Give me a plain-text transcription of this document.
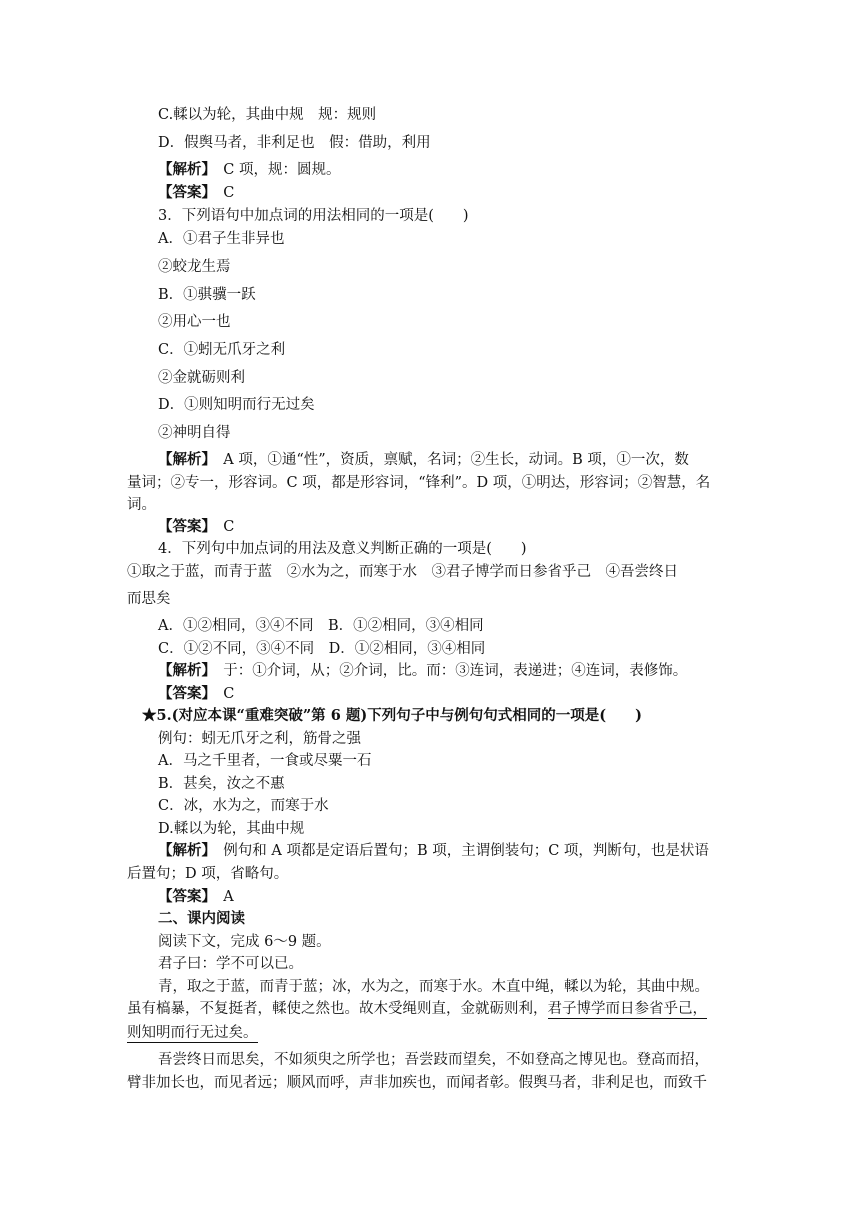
C.輮以为轮，其曲中规　规：规则
D．假舆马者，非利足也　假：借助，利用
【解析】　C 项，规：圆规。
【答案】　C
3．下列语句中加点词的用法相同的一项是(　　)
A．①君子生非异也
②蛟龙生焉
B．①骐骥一跃
②用心一也
C．①蚓无爪牙之利
②金就砺则利
D．①则知明而行无过矣
②神明自得
【解析】　A 项，①通“性”，资质，禀赋，名词；②生长，动词。B 项，①一次，数
量词；②专一，形容词。C 项，都是形容词，“锋利”。D 项，①明达，形容词；②智慧，名
词。
【答案】　C
4．下列句中加点词的用法及意义判断正确的一项是(　　)
①取之于蓝，而青于蓝　②水为之，而寒于水　③君子博学而日参省乎己　④吾尝终日
而思矣
A．①②相同，③④不同　B．①②相同，③④相同
C．①②不同，③④不同　D．①②相同，③④相同
【解析】　于：①介词，从；②介词，比。而：③连词，表递进；④连词，表修饰。
【答案】　C
★5.(对应本课“重难突破”第 6 题)下列句子中与例句句式相同的一项是(　　)
例句：蚓无爪牙之利，筋骨之强
A．马之千里者，一食或尽粟一石
B．甚矣，汝之不惠
C．冰，水为之，而寒于水
D.輮以为轮，其曲中规
【解析】　例句和 A 项都是定语后置句；B 项，主谓倒装句；C 项，判断句，也是状语
后置句；D 项，省略句。
【答案】　A
二、课内阅读
阅读下文，完成 6～9 题。
君子曰：学不可以已。
青，取之于蓝，而青于蓝；冰，水为之，而寒于水。木直中绳，輮以为轮，其曲中规。
虽有槁暴，不复挺者，輮使之然也。故木受绳则直，金就砺则利，君子博学而日参省乎己，
则知明而行无过矣。
吾尝终日而思矣，不如须臾之所学也；吾尝跂而望矣，不如登高之博见也。登高而招，
臂非加长也，而见者远；顺风而呼，声非加疾也，而闻者彰。假舆马者，非利足也，而致千
